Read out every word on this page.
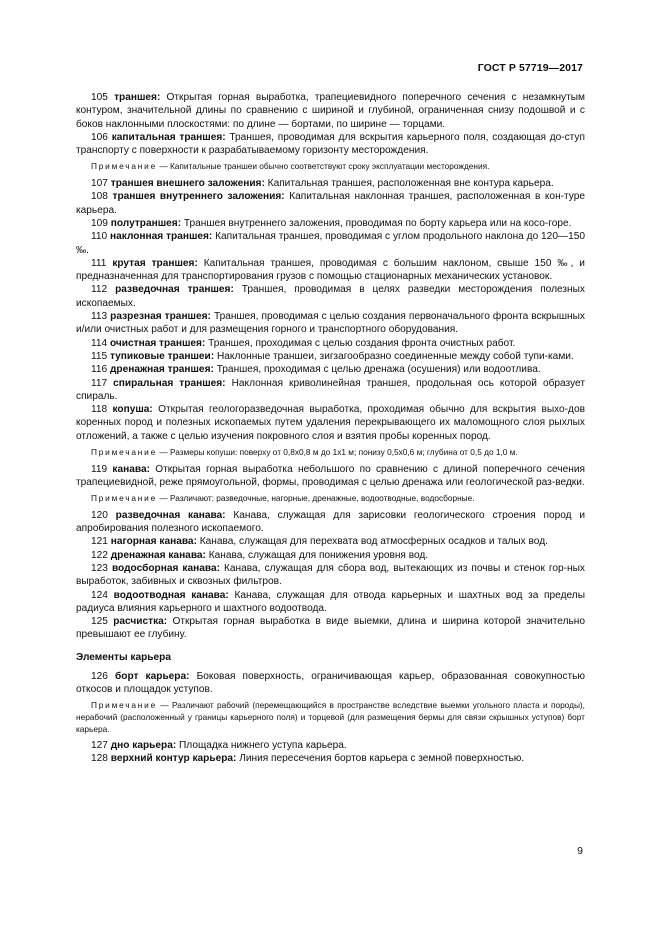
ГОСТ Р 57719—2017

105 траншея: Открытая горная выработка, трапециевидного поперечного сечения с незамкнутым контуром, значительной длины по сравнению с шириной и глубиной, ограниченная снизу подошвой и с боков наклонными плоскостями: по длине — бортами, по ширине — торцами.

106 капитальная траншея: Траншея, проводимая для вскрытия карьерного поля, создающая до-ступ транспорту с поверхности к разрабатываемому горизонту месторождения.

Примечание — Капитальные траншеи обычно соответствуют сроку эксплуатации месторождения.

107 траншея внешнего заложения: Капитальная траншея, расположенная вне контура карьера.

108 траншея внутреннего заложения: Капитальная наклонная траншея, расположенная в кон-туре карьера.

109 полутраншея: Траншея внутреннего заложения, проводимая по борту карьера или на косо-горе.

110 наклонная траншея: Капитальная траншея, проводимая с углом продольного наклона до 120—150 ‰.

111 крутая траншея: Капитальная траншея, проводимая с большим наклоном, свыше 150 ‰, и предназначенная для транспортирования грузов с помощью стационарных механических установок.

112 разведочная траншея: Траншея, проводимая в целях разведки месторождения полезных ископаемых.

113 разрезная траншея: Траншея, проводимая с целью создания первоначального фронта вскрышных и/или очистных работ и для размещения горного и транспортного оборудования.

114 очистная траншея: Траншея, проходимая с целью создания фронта очистных работ.

115 тупиковые траншеи: Наклонные траншеи, зигзагообразно соединенные между собой тупи-ками.

116 дренажная траншея: Траншея, проходимая с целью дренажа (осушения) или водоотлива.

117 спиральная траншея: Наклонная криволинейная траншея, продольная ось которой образует спираль.

118 копуша: Открытая геологоразведочная выработка, проходимая обычно для вскрытия выхо-дов коренных пород и полезных ископаемых путем удаления перекрывающего их маломощного слоя рыхлых отложений, а также с целью изучения покровного слоя и взятия пробы коренных пород.

Примечание — Размеры копуши: поверху от 0,8х0,8 м до 1х1 м; понизу 0,5х0,6 м; глубина от 0,5 до 1,0 м.

119 канава: Открытая горная выработка небольшого по сравнению с длиной поперечного сечения трапециевидной, реже прямоугольной, формы, проводимая с целью дренажа или геологической раз-ведки.

Примечание — Различают: разведочные, нагорные, дренажные, водоотводные, водосборные.

120 разведочная канава: Канава, служащая для зарисовки геологического строения пород и апробирования полезного ископаемого.

121 нагорная канава: Канава, служащая для перехвата вод атмосферных осадков и талых вод.

122 дренажная канава: Канава, служащая для понижения уровня вод.

123 водосборная канава: Канава, служащая для сбора вод, вытекающих из почвы и стенок гор-ных выработок, забивных и сквозных фильтров.

124 водоотводная канава: Канава, служащая для отвода карьерных и шахтных вод за пределы радиуса влияния карьерного и шахтного водоотвода.

125 расчистка: Открытая горная выработка в виде выемки, длина и ширина которой значительно превышают ее глубину.

Элементы карьера

126 борт карьера: Боковая поверхность, ограничивающая карьер, образованная совокупностью откосов и площадок уступов.

Примечание — Различают рабочий (перемещающийся в пространстве вследствие выемки угольного пласта и породы), нерабочий (расположенный у границы карьерного поля) и торцевой (для размещения бермы для связи скрышных уступов) борт карьера.

127 дно карьера: Площадка нижнего уступа карьера.

128 верхний контур карьера: Линия пересечения бортов карьера с земной поверхностью.

9
